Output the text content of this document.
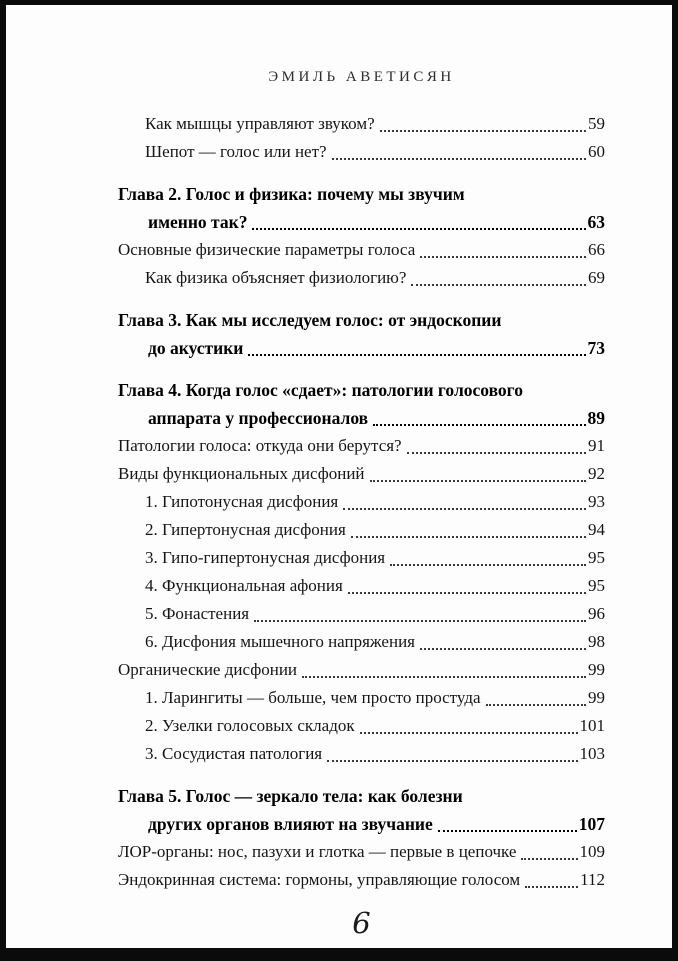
ЭМИЛЬ АВЕТИСЯН
Как мышцы управляют звуком?	59
Шепот — голос или нет?	60
Глава 2. Голос и физика: почему мы звучим
именно так?	63
Основные физические параметры голоса	66
Как физика объясняет физиологию?	69
Глава 3. Как мы исследуем голос: от эндоскопии
до акустики	73
Глава 4. Когда голос «сдает»: патологии голосового
аппарата у профессионалов	89
Патологии голоса: откуда они берутся?	91
Виды функциональных дисфоний	92
1. Гипотонусная дисфония	93
2. Гипертонусная дисфония	94
3. Гипо-гипертонусная дисфония	95
4. Функциональная афония	95
5. Фонастения	96
6. Дисфония мышечного напряжения	98
Органические дисфонии	99
1. Ларингиты — больше, чем просто простуда	99
2. Узелки голосовых складок	101
3. Сосудистая патология	103
Глава 5. Голос — зеркало тела: как болезни
других органов влияют на звучание	107
ЛОР-органы: нос, пазухи и глотка — первые в цепочке	109
Эндокринная система: гормоны, управляющие голосом	112
6
